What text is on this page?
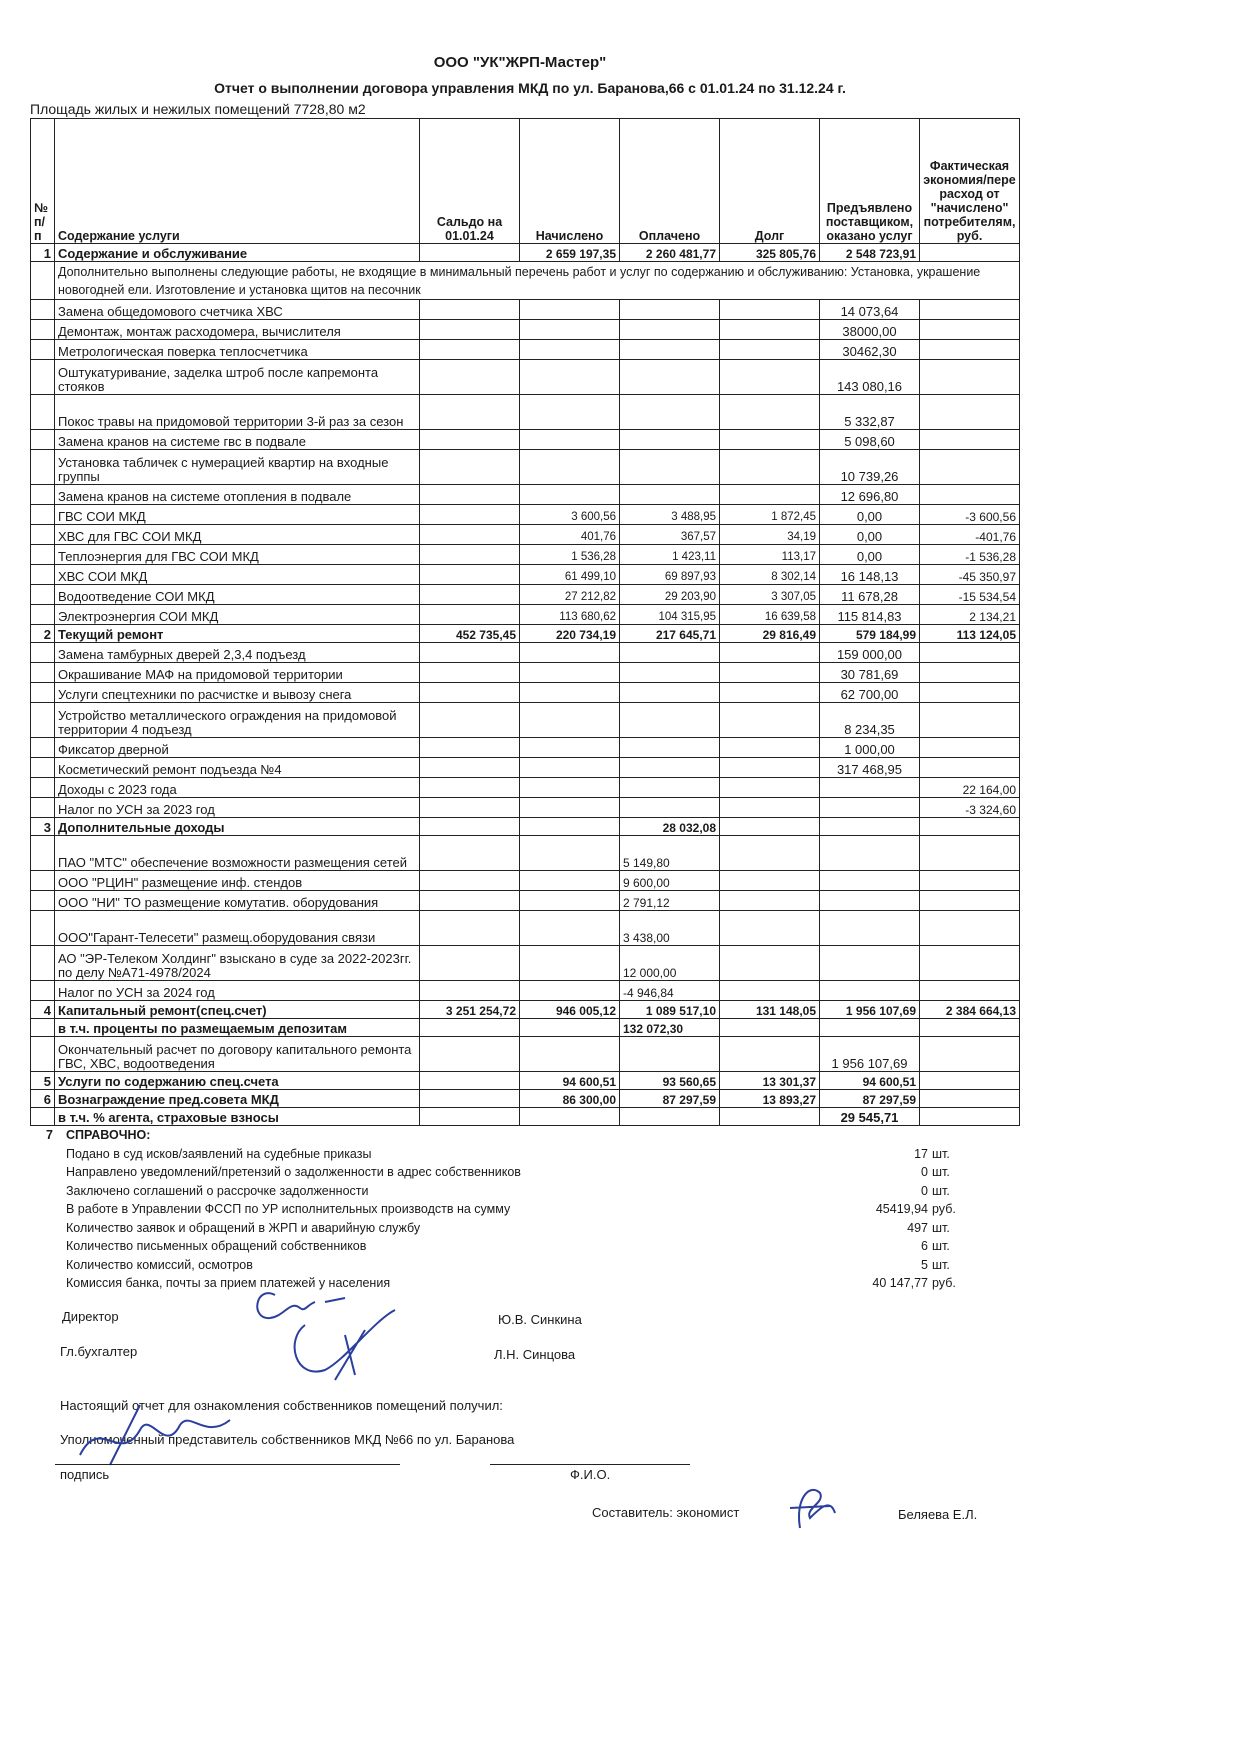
ООО "УК"ЖРП-Мастер"
Отчет о выполнении договора управления МКД по ул. Баранова,66 с 01.01.24 по 31.12.24 г.
Площадь жилых и нежилых помещений 7728,80 м2
№ п/п	Содержание услуги	Сальдо на 01.01.24	Начислено	Оплачено	Долг	Предъявлено поставщиком, оказано услуг	Фактическая экономия/пере расход от "начислено" потребителям, руб.
1	Содержание и обслуживание		2 659 197,35	2 260 481,77	325 805,76	2 548 723,91	
	Дополнительно выполнены следующие работы, не входящие в минимальный перечень работ и услуг по содержанию и обслуживанию: Установка, украшение новогодней ели. Изготовление и установка щитов на песочник						
	Замена общедомового счетчика ХВС					14 073,64	
	Демонтаж, монтаж расходомера, вычислителя					38000,00	
	Метрологическая поверка теплосчетчика					30462,30	
	Оштукатуривание, заделка штроб после капремонта стояков					143 080,16	
	Покос травы на придомовой территории 3-й раз за сезон					5 332,87	
	Замена кранов на системе гвс в подвале					5 098,60	
	Установка табличек с нумерацией квартир на входные группы					10 739,26	
	Замена кранов на системе отопления в подвале					12 696,80	
	ГВС СОИ МКД		3 600,56	3 488,95	1 872,45	0,00	-3 600,56
	ХВС для ГВС СОИ МКД		401,76	367,57	34,19	0,00	-401,76
	Теплоэнергия для ГВС СОИ МКД		1 536,28	1 423,11	113,17	0,00	-1 536,28
	ХВС СОИ МКД		61 499,10	69 897,93	8 302,14	16 148,13	-45 350,97
	Водоотведение СОИ МКД		27 212,82	29 203,90	3 307,05	11 678,28	-15 534,54
	Электроэнергия СОИ МКД		113 680,62	104 315,95	16 639,58	115 814,83	2 134,21
2	Текущий ремонт	452 735,45	220 734,19	217 645,71	29 816,49	579 184,99	113 124,05
	Замена тамбурных дверей 2,3,4 подъезд					159 000,00	
	Окрашивание МАФ на придомовой территории					30 781,69	
	Услуги спецтехники по расчистке и вывозу снега					62 700,00	
	Устройство металлического ограждения на придомовой территории 4 подъезд					8 234,35	
	Фиксатор дверной					1 000,00	
	Косметический ремонт подъезда №4					317 468,95	
	Доходы с 2023 года						22 164,00
	Налог по УСН за 2023 год						-3 324,60
3	Дополнительные доходы			28 032,08			
	ПАО "МТС" обеспечение возможности размещения сетей			5 149,80			
	ООО "РЦИН" размещение инф. стендов			9 600,00			
	ООО "НИ" ТО размещение комутатив. оборудования			2 791,12			
	ООО"Гарант-Телесети" размещ.оборудования связи			3 438,00			
	АО "ЭР-Телеком Холдинг" взыскано в суде за 2022-2023гг. по делу №А71-4978/2024			12 000,00			
	Налог по УСН за 2024 год			-4 946,84			
4	Капитальный ремонт(спец.счет)	3 251 254,72	946 005,12	1 089 517,10	131 148,05	1 956 107,69	2 384 664,13
	в т.ч. проценты по размещаемым депозитам			132 072,30			
	Окончательный расчет по договору капитального ремонта ГВС, ХВС, водоотведения					1 956 107,69	
5	Услуги по содержанию спец.счета		94 600,51	93 560,65	13 301,37	94 600,51	
6	Вознаграждение пред.совета МКД		86 300,00	87 297,59	13 893,27	87 297,59	
	в т.ч. % агента, страховые взносы					29 545,71	
7 СПРАВОЧНО:
Подано в суд исков/заявлений на судебные приказы	17 шт.
Направлено уведомлений/претензий о задолженности в адрес собственников	0 шт.
Заключено соглашений о рассрочке задолженности	0 шт.
В работе в Управлении ФССП по УР исполнительных производств на сумму	45419,94 руб.
Количество заявок и обращений в ЖРП и аварийную службу	497 шт.
Количество письменных обращений собственников	6 шт.
Количество комиссий, осмотров	5 шт.
Комиссия банка, почты за прием платежей у населения	40 147,77 руб.
Директор	Ю.В. Синкина
Гл.бухгалтер	Л.Н. Синцова
Настоящий отчет для ознакомления собственников помещений получил:
Уполномоченный представитель собственников МКД №66 по ул. Баранова
подпись	Ф.И.О.
Составитель: экономист	Беляева Е.Л.
